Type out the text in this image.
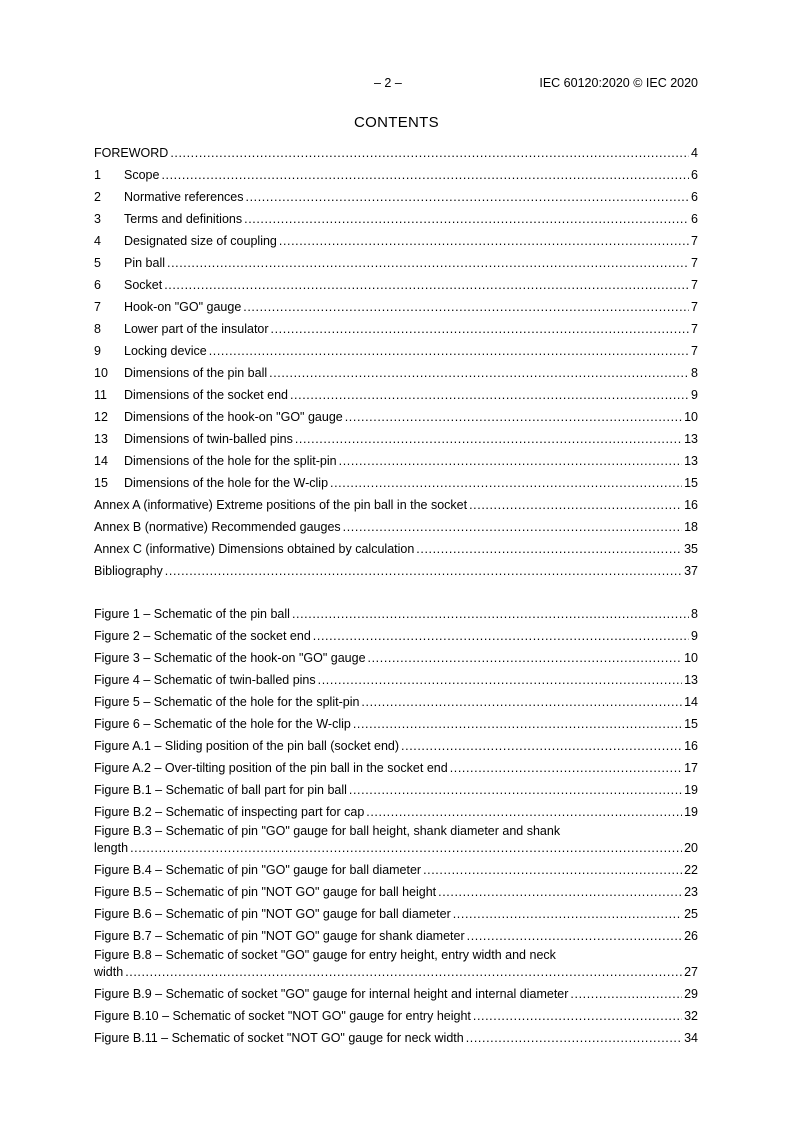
– 2 –	IEC 60120:2020 © IEC 2020
CONTENTS
FOREWORD .....	4
1	Scope .....	6
2	Normative references .....	6
3	Terms and definitions .....	6
4	Designated size of coupling .....	7
5	Pin ball .....	7
6	Socket .....	7
7	Hook-on "GO" gauge .....	7
8	Lower part of the insulator .....	7
9	Locking device .....	7
10	Dimensions of the pin ball .....	8
11	Dimensions of the socket end .....	9
12	Dimensions of the hook-on "GO" gauge .....	10
13	Dimensions of twin-balled pins .....	13
14	Dimensions of the hole for the split-pin .....	13
15	Dimensions of the hole for the W-clip .....	15
Annex A (informative) Extreme positions of the pin ball in the socket .....	16
Annex B (normative) Recommended gauges .....	18
Annex C (informative) Dimensions obtained by calculation .....	35
Bibliography .....	37
Figure 1 – Schematic of the pin ball .....	8
Figure 2 – Schematic of the socket end .....	9
Figure 3 – Schematic of the hook-on "GO" gauge .....	10
Figure 4 – Schematic of twin-balled pins .....	13
Figure 5 – Schematic of the hole for the split-pin .....	14
Figure 6 – Schematic of the hole for the W-clip .....	15
Figure A.1 – Sliding position of the pin ball (socket end) .....	16
Figure A.2 – Over-tilting position of the pin ball in the socket end .....	17
Figure B.1 – Schematic of ball part for pin ball .....	19
Figure B.2 – Schematic of inspecting part for cap .....	19
Figure B.3 – Schematic of pin "GO" gauge for ball height, shank diameter and shank
length .....	20
Figure B.4 – Schematic of pin "GO" gauge for ball diameter .....	22
Figure B.5 – Schematic of pin "NOT GO" gauge for ball height .....	23
Figure B.6 – Schematic of pin "NOT GO" gauge for ball diameter .....	25
Figure B.7 – Schematic of pin "NOT GO" gauge for shank diameter .....	26
Figure B.8 – Schematic of socket "GO" gauge for entry height, entry width and neck
width .....	27
Figure B.9 – Schematic of socket "GO" gauge for internal height and internal diameter .....	29
Figure B.10 – Schematic of socket "NOT GO" gauge for entry height .....	32
Figure B.11 – Schematic of socket "NOT GO" gauge for neck width .....	34
